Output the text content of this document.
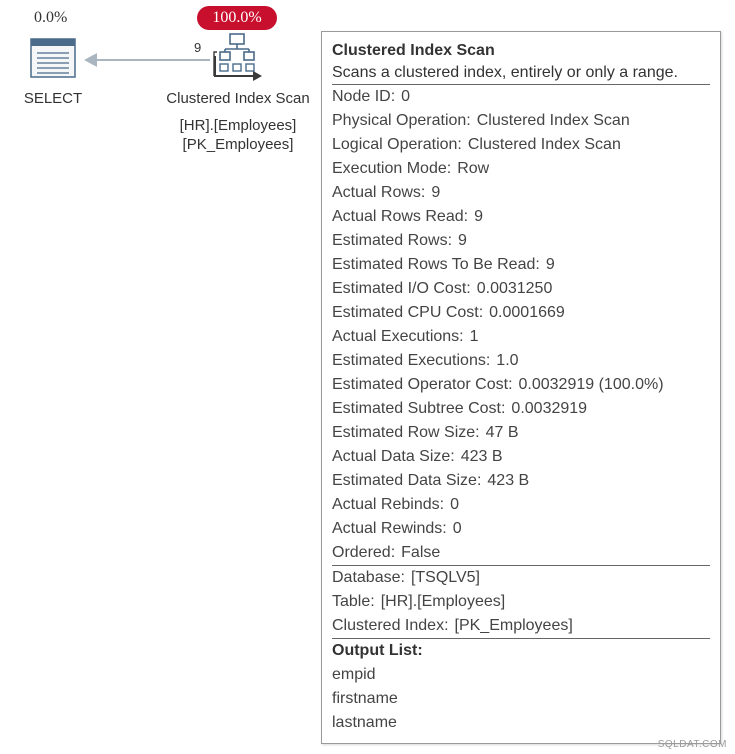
0.0%
SELECT
9
100.0%
Clustered Index Scan
[HR].[Employees]
[PK_Employees]
Clustered Index Scan
Scans a clustered index, entirely or only a range.
Node ID: 0
Physical Operation: Clustered Index Scan
Logical Operation: Clustered Index Scan
Execution Mode: Row
Actual Rows: 9
Actual Rows Read: 9
Estimated Rows: 9
Estimated Rows To Be Read: 9
Estimated I/O Cost: 0.0031250
Estimated CPU Cost: 0.0001669
Actual Executions: 1
Estimated Executions: 1.0
Estimated Operator Cost: 0.0032919 (100.0%)
Estimated Subtree Cost: 0.0032919
Estimated Row Size: 47 B
Actual Data Size: 423 B
Estimated Data Size: 423 B
Actual Rebinds: 0
Actual Rewinds: 0
Ordered: False
Database: [TSQLV5]
Table: [HR].[Employees]
Clustered Index: [PK_Employees]
Output List:
empid
firstname
lastname
SQLDAT.COM
